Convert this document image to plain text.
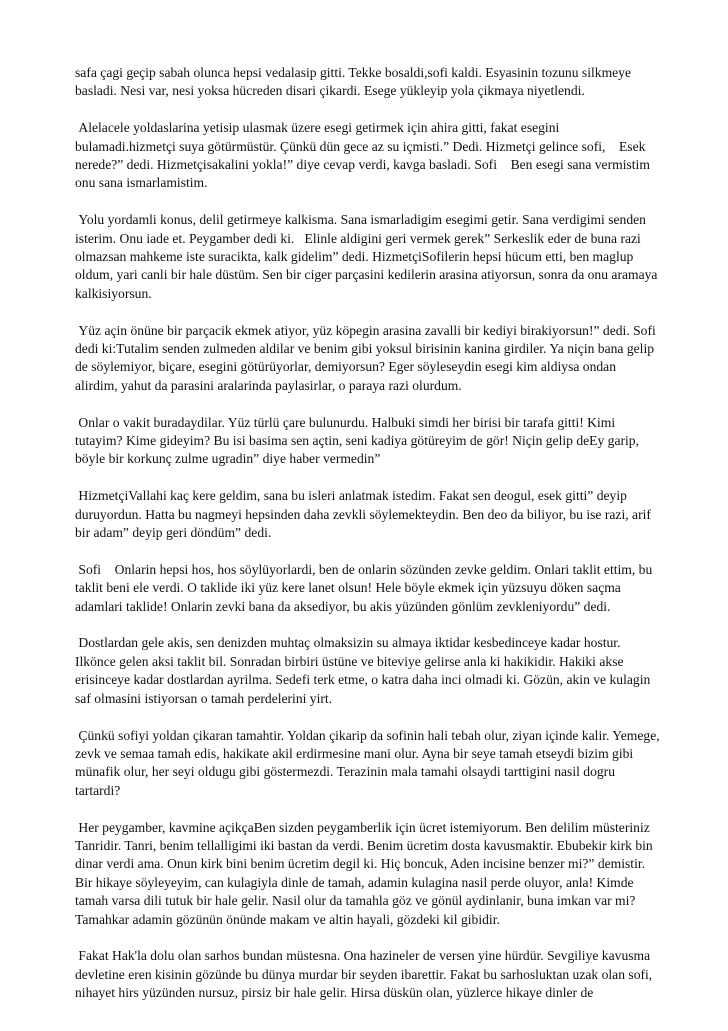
safa çagi geçip sabah olunca hepsi vedalasip gitti. Tekke bosaldi,sofi kaldi. Esyasinin tozunu silkmeye basladi. Nesi var, nesi yoksa hücreden disari çikardi. Esege yükleyip yola çikmaya niyetlendi.

Alelacele yoldaslarina yetisip ulasmak üzere esegi getirmek için ahira gitti, fakat esegini bulamadi.hizmetçi suya götürmüstür. Çünkü dün gece az su içmisti.” Dedi. Hizmetçi gelince sofi,    Esek nerede?” dedi. Hizmetçisakalini yokla!” diye cevap verdi, kavga basladi. Sofi    Ben esegi sana vermistim onu sana ismarlamistim.

Yolu yordamli konus, delil getirmeye kalkisma. Sana ismarladigim esegimi getir. Sana verdigimi senden isterim. Onu iade et. Peygamber dedi ki.   Elinle aldigini geri vermek gerek” Serkeslik eder de buna razi olmazsan mahkeme iste suracikta, kalk gidelim” dedi. HizmetçiSofilerin hepsi hücum etti, ben maglup oldum, yari canli bir hale düstüm. Sen bir ciger parçasini kedilerin arasina atiyorsun, sonra da onu aramaya kalkisiyorsun.

Yüz açin önüne bir parçacik ekmek atiyor, yüz köpegin arasina zavalli bir kediyi birakiyorsun!” dedi. Sofi dedi ki:Tutalim senden zulmeden aldilar ve benim gibi yoksul birisinin kanina girdiler. Ya niçin bana gelip de söylemiyor, biçare, esegini götürüyorlar, demiyorsun? Eger söyleseydin esegi kim aldiysa ondan alirdim, yahut da parasini aralarinda paylasirlar, o paraya razi olurdum.

Onlar o vakit buradaydilar. Yüz türlü çare bulunurdu. Halbuki simdi her birisi bir tarafa gitti! Kimi tutayim? Kime gideyim? Bu isi basima sen açtin, seni kadiya götüreyim de gör! Niçin gelip deEy garip, böyle bir korkunç zulme ugradin” diye haber vermedin”

HizmetçiVallahi kaç kere geldim, sana bu isleri anlatmak istedim. Fakat sen deogul, esek gitti” deyip duruyordun. Hatta bu nagmeyi hepsinden daha zevkli söylemekteydin. Ben deo da biliyor, bu ise razi, arif bir adam” deyip geri döndüm” dedi.

Sofi    Onlarin hepsi hos, hos söylüyorlardi, ben de onlarin sözünden zevke geldim. Onlari taklit ettim, bu taklit beni ele verdi. O taklide iki yüz kere lanet olsun! Hele böyle ekmek için yüzsuyu döken saçma adamlari taklide! Onlarin zevki bana da aksediyor, bu akis yüzünden gönlüm zevkleniyordu” dedi.

Dostlardan gele akis, sen denizden muhtaç olmaksizin su almaya iktidar kesbedinceye kadar hostur. Ilkönce gelen aksi taklit bil. Sonradan birbiri üstüne ve biteviye gelirse anla ki hakikidir. Hakiki akse erisinceye kadar dostlardan ayrilma. Sedefi terk etme, o katra daha inci olmadi ki. Gözün, akin ve kulagin saf olmasini istiyorsan o tamah perdelerini yirt.

Çünkü sofiyi yoldan çikaran tamahtir. Yoldan çikarip da sofinin hali tebah olur, ziyan içinde kalir. Yemege, zevk ve semaa tamah edis, hakikate akil erdirmesine mani olur. Ayna bir seye tamah etseydi bizim gibi münafik olur, her seyi oldugu gibi göstermezdi. Terazinin mala tamahi olsaydi tarttigini nasil dogru tartardi?

Her peygamber, kavmine açikçaBen sizden peygamberlik için ücret istemiyorum. Ben delilim müsteriniz Tanridir. Tanri, benim tellalligimi iki bastan da verdi. Benim ücretim dosta kavusmaktir. Ebubekir kirk bin dinar verdi ama. Onun kirk bini benim ücretim degil ki. Hiç boncuk, Aden incisine benzer mi?” demistir. Bir hikaye söyleyeyim, can kulagiyla dinle de tamah, adamin kulagina nasil perde oluyor, anla! Kimde tamah varsa dili tutuk bir hale gelir. Nasil olur da tamahla göz ve gönül aydinlanir, buna imkan var mi? Tamahkar adamin gözünün önünde makam ve altin hayali, gözdeki kil gibidir.

Fakat Hak'la dolu olan sarhos bundan müstesna. Ona hazineler de versen yine hürdür. Sevgiliye kavusma devletine eren kisinin gözünde bu dünya murdar bir seyden ibarettir. Fakat bu sarhosluktan uzak olan sofi, nihayet hirs yüzünden nursuz, pirsiz bir hale gelir. Hirsa düskün olan, yüzlerce hikaye dinler de
